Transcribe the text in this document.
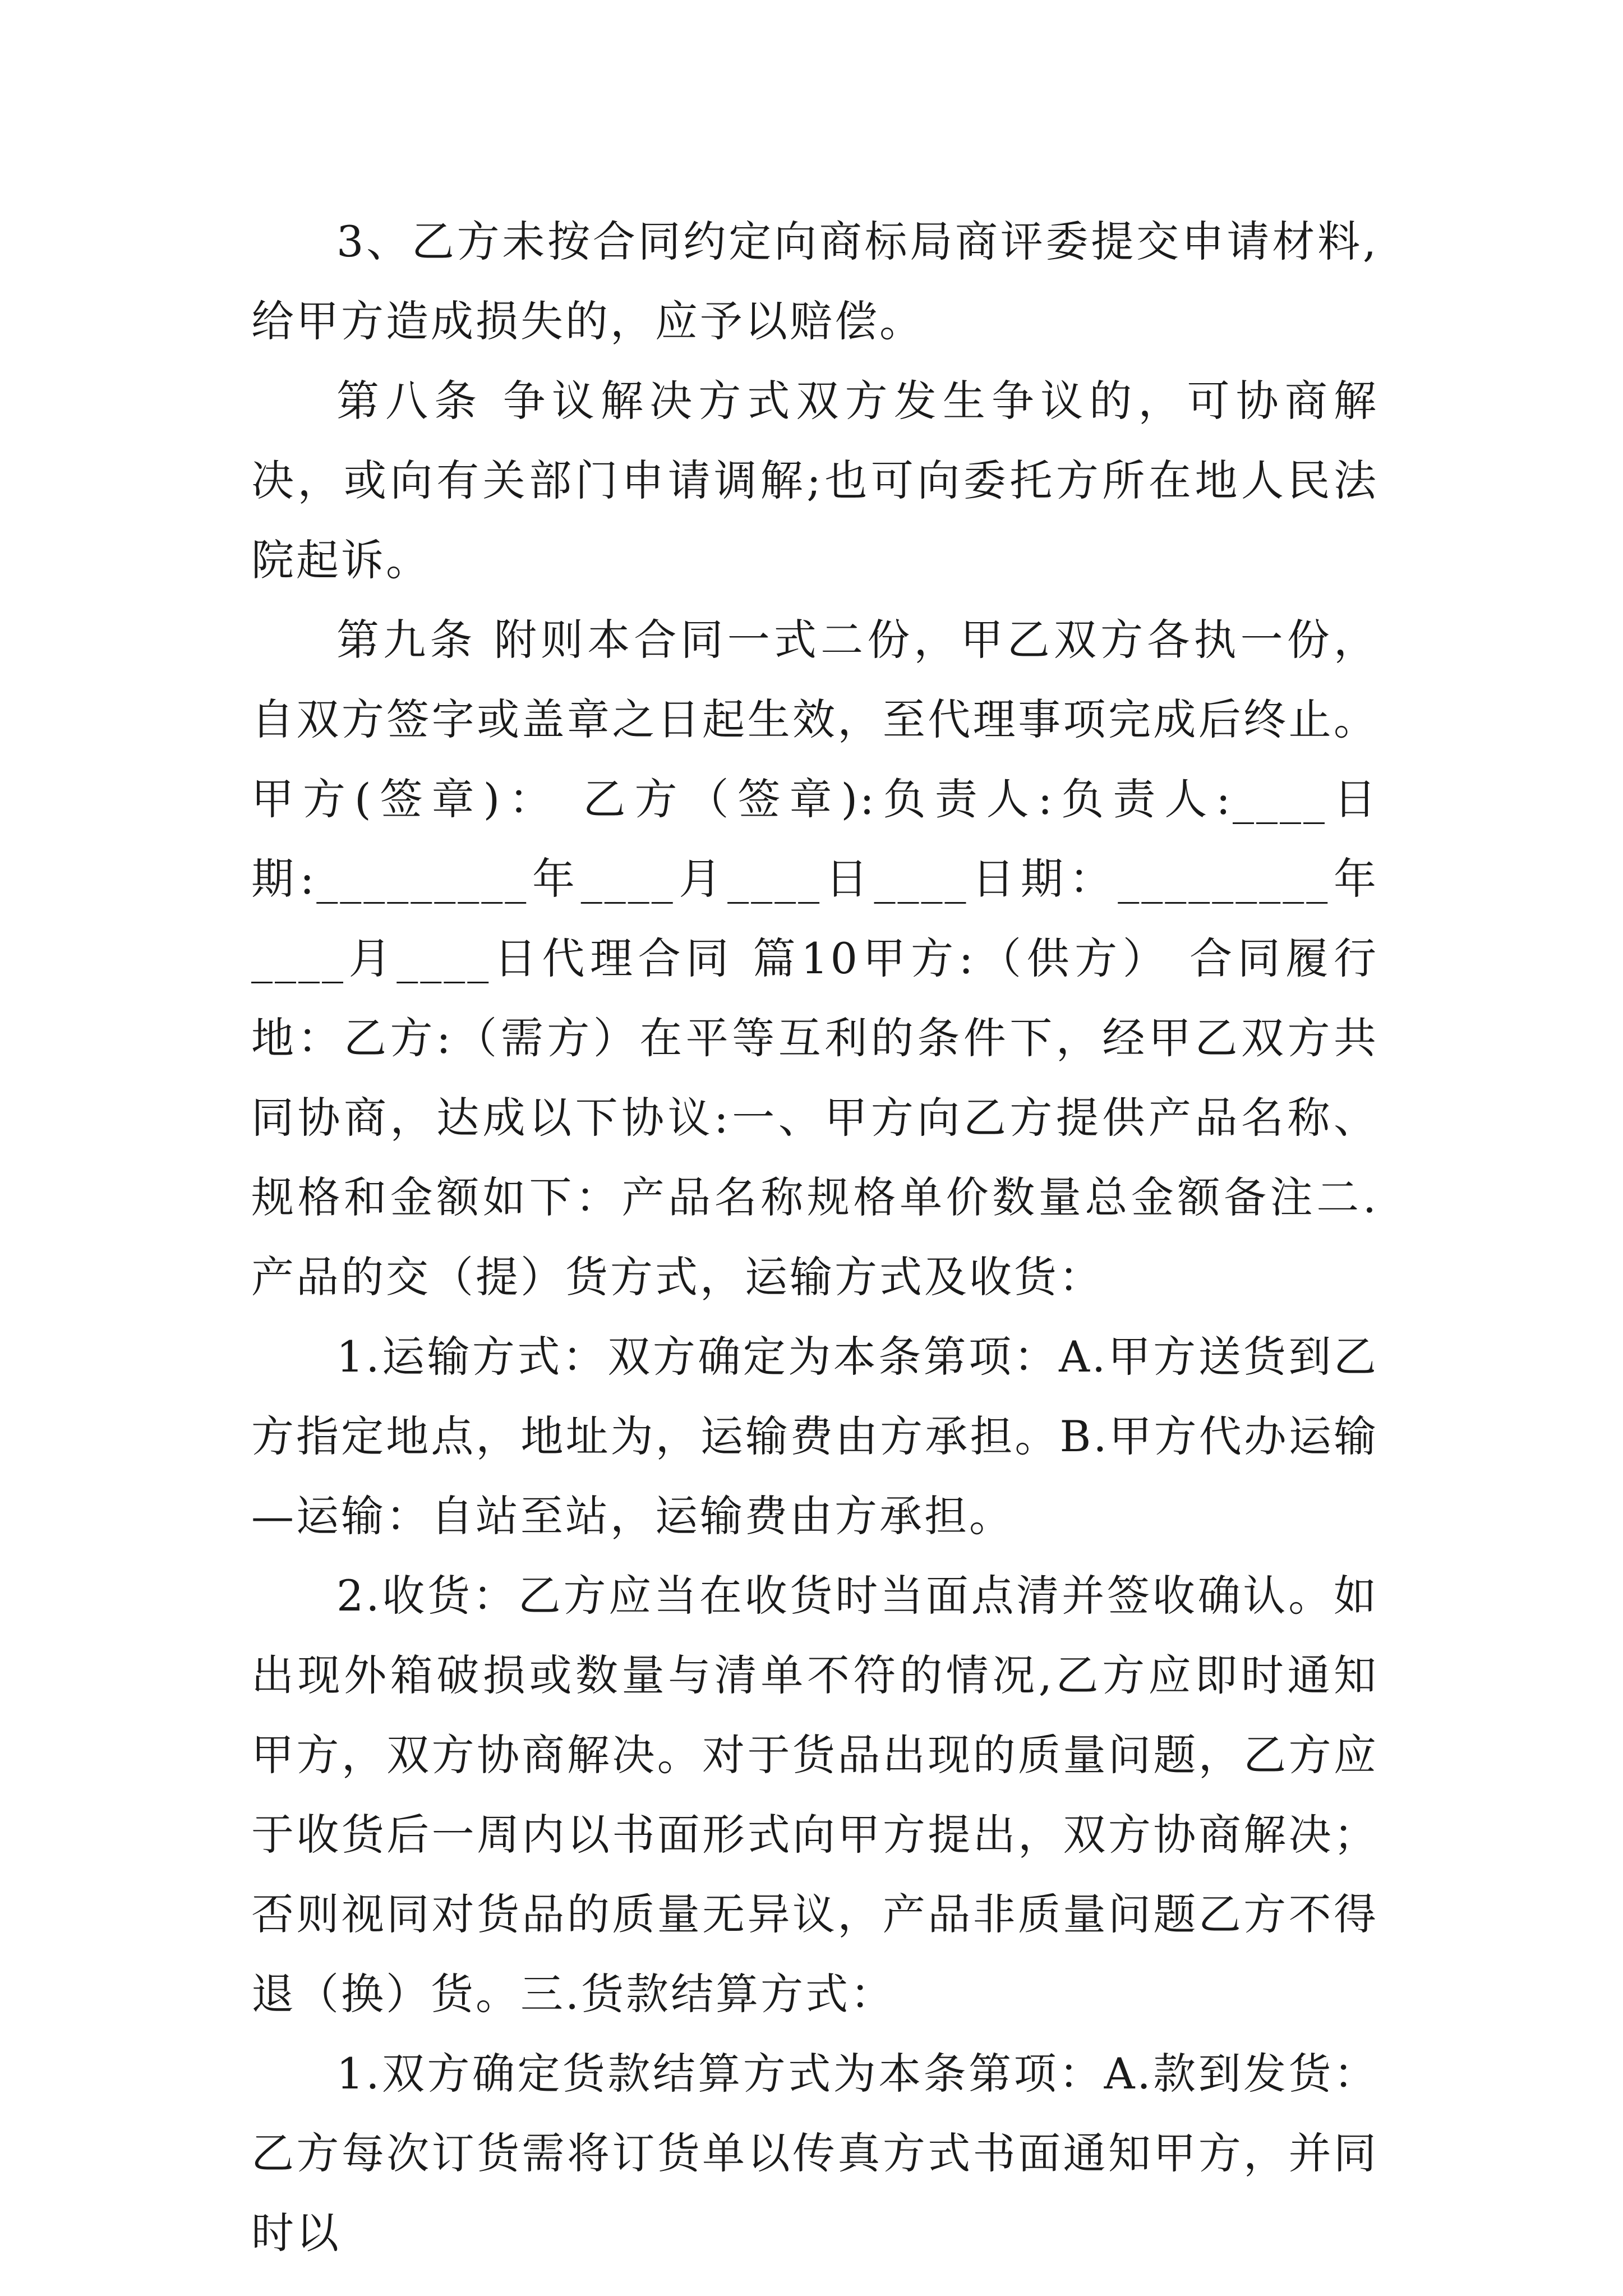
3、乙方未按合同约定向商标局商评委提交申请材料,给甲方造成损失的，应予以赔偿。

第八条 争议解决方式双方发生争议的，可协商解决，或向有关部门申请调解;也可向委托方所在地人民法院起诉。

第九条 附则本合同一式二份，甲乙双方各执一份，自双方签字或盖章之日起生效，至代理事项完成后终止。甲方(签章)： 乙方（签章):负责人:负责人:____日期:_________年____月____日____日期：_________年____月____日代理合同 篇10甲方:（供方） 合同履行地：乙方:（需方）在平等互利的条件下，经甲乙双方共同协商，达成以下协议:一、甲方向乙方提供产品名称、规格和金额如下：产品名称规格单价数量总金额备注二.产品的交（提）货方式，运输方式及收货：

1.运输方式：双方确定为本条第项：A.甲方送货到乙方指定地点，地址为，运输费由方承担。B.甲方代办运输—运输：自站至站，运输费由方承担。

2.收货：乙方应当在收货时当面点清并签收确认。如出现外箱破损或数量与清单不符的情况,乙方应即时通知甲方，双方协商解决。对于货品出现的质量问题，乙方应于收货后一周内以书面形式向甲方提出，双方协商解决；否则视同对货品的质量无异议，产品非质量问题乙方不得退（换）货。三.货款结算方式：

1.双方确定货款结算方式为本条第项：A.款到发货：乙方每次订货需将订货单以传真方式书面通知甲方，并同时以
